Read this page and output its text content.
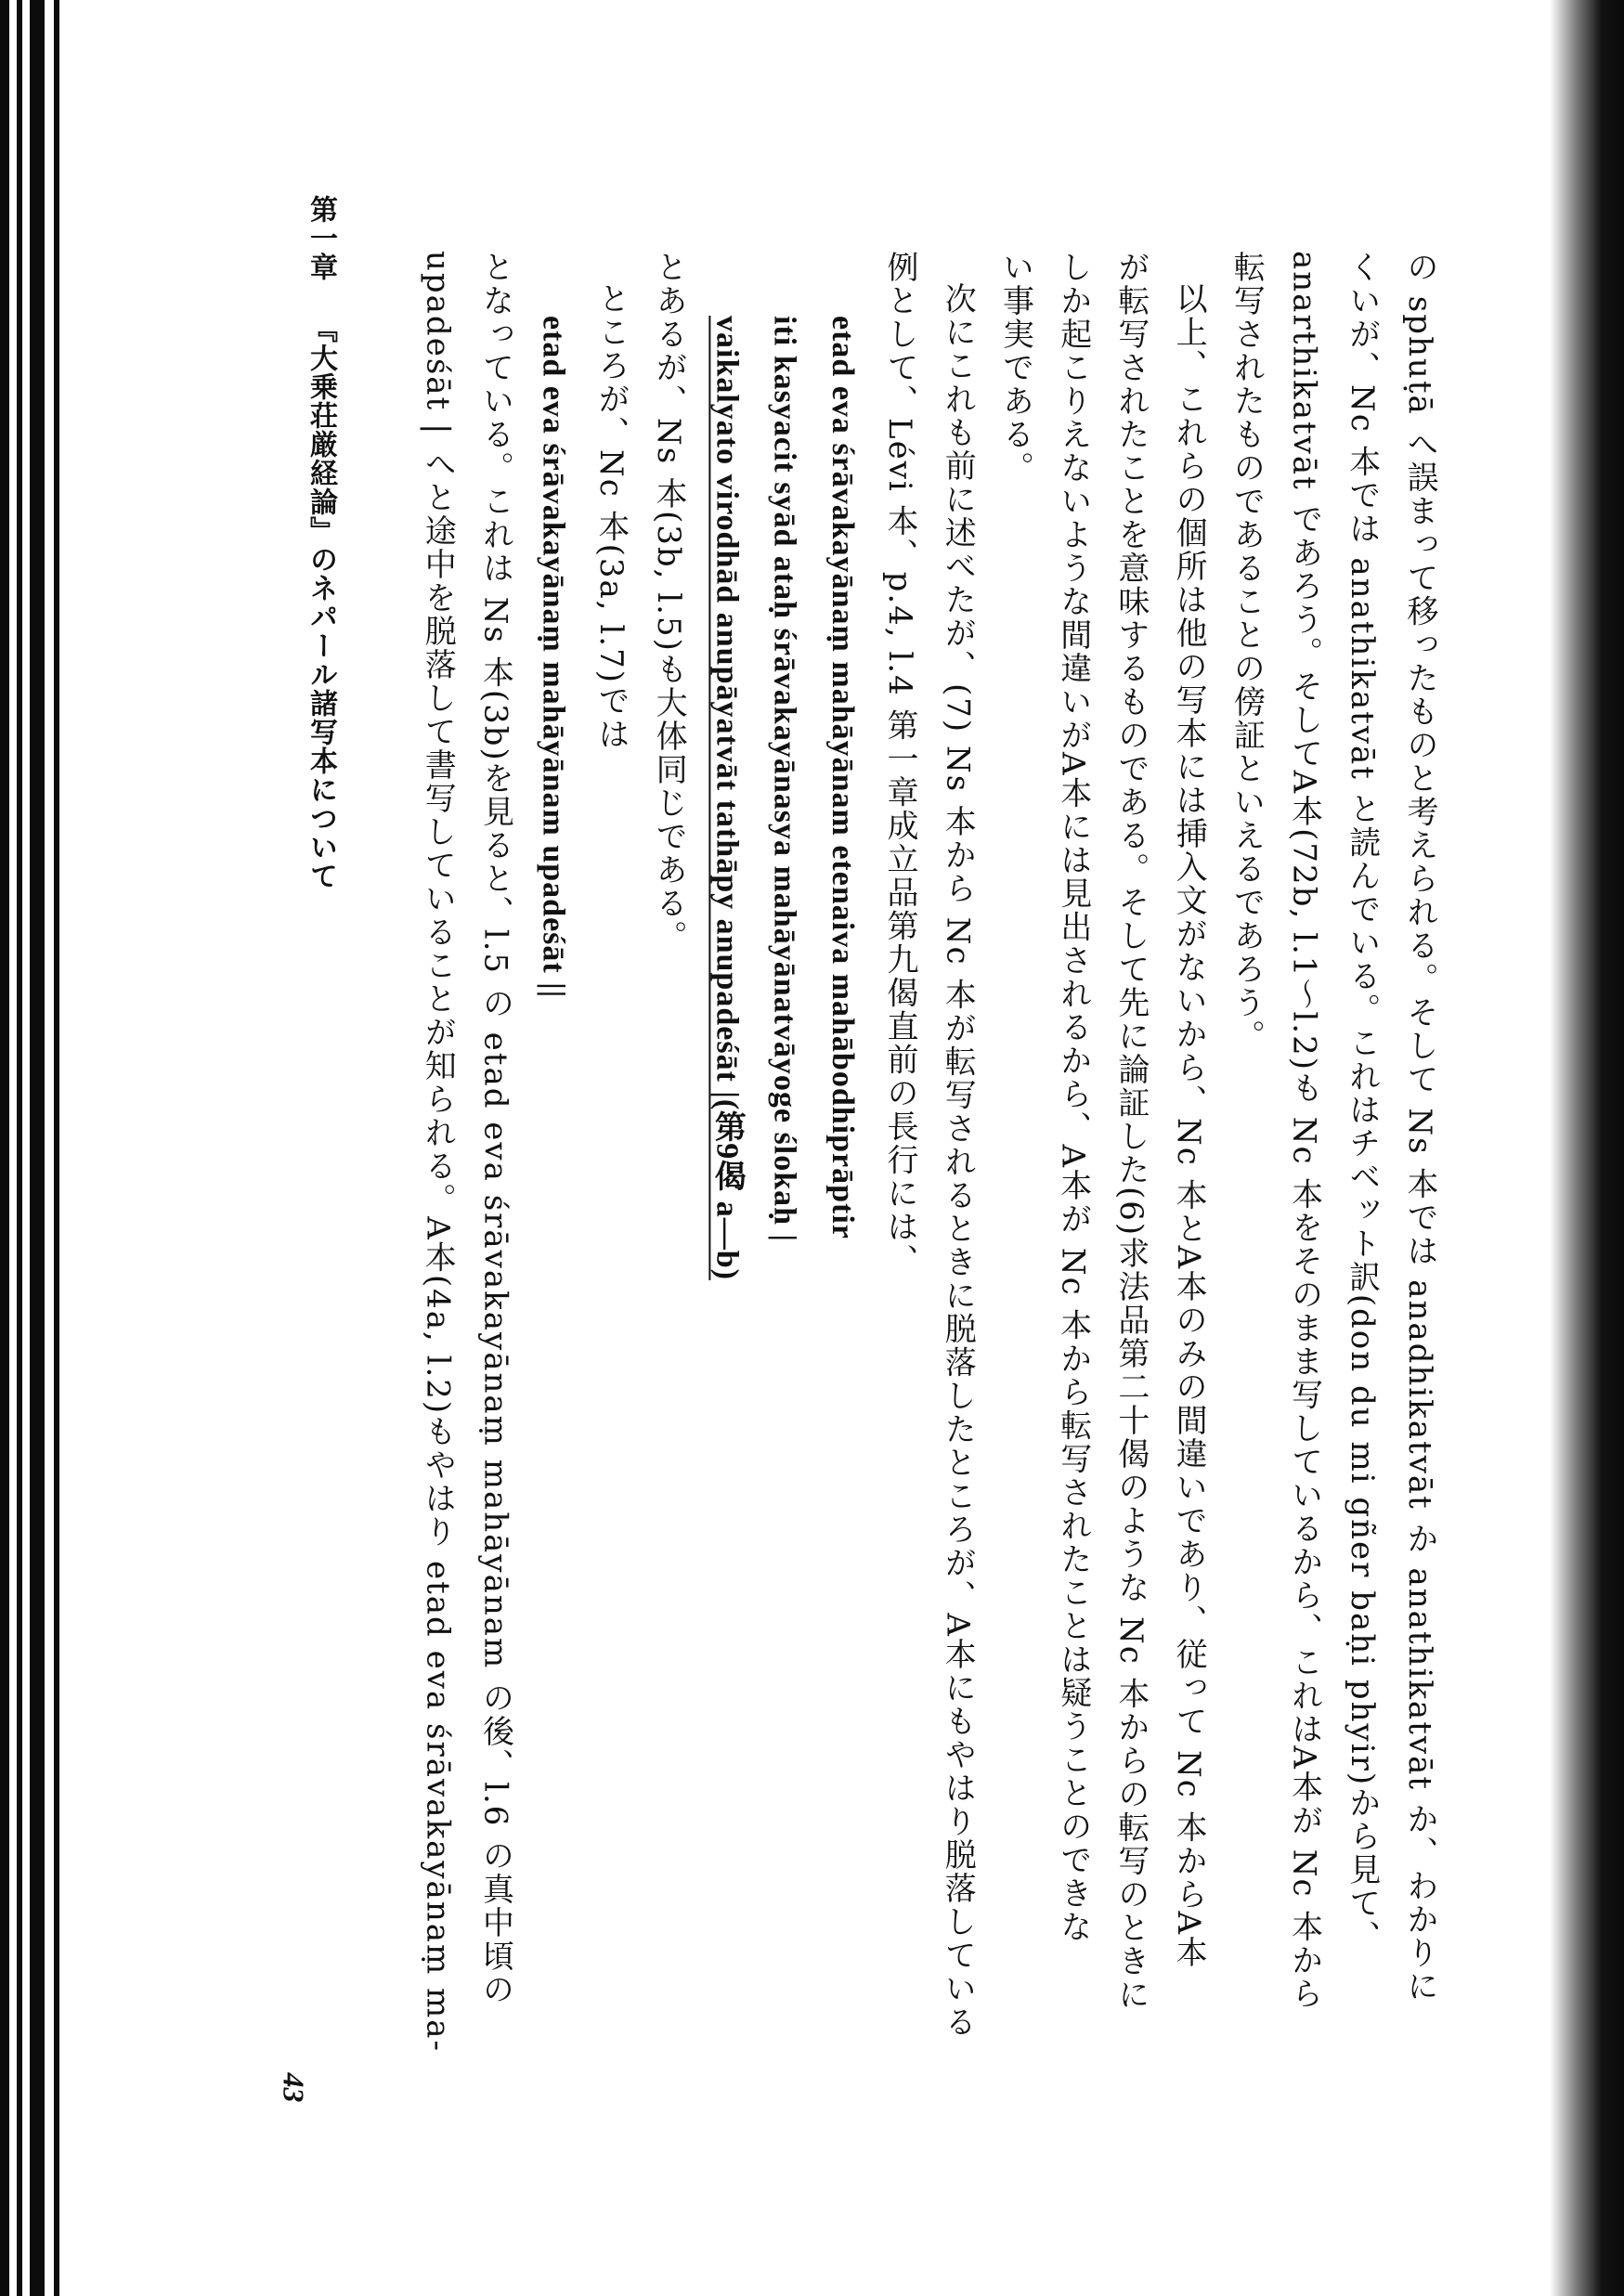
第一章 『大乗荘厳経論』のネパール諸写本について	の sphuṭā へ誤まって移ったものと考えられる。そして Ns 本では anadhikatvāt か anathikatvāt か、わかりに
くいが、Nc 本では anathikatvāt と読んでいる。これはチベット訳(don du mi gñer baḥi phyir)から見て、
anarthikatvāt であろう。そしてA本(72b, l.1〜l.2)も Nc 本をそのまま写しているから、これはA本が Nc 本から
転写されたものであることの傍証といえるであろう。
以上、これらの個所は他の写本には挿入文がないから、Nc 本とA本のみの間違いであり、従って Nc 本からA本
が転写されたことを意味するものである。そして先に論証した(6)求法品第二十偈のような Nc 本からの転写のときに
しか起こりえないような間違いがA本には見出されるから、A本が Nc 本から転写されたことは疑うことのできな
い事実である。
次にこれも前に述べたが、(7) Ns 本から Nc 本が転写されるときに脱落したところが、A本にもやはり脱落している
例として、Lévi 本、p.4, l.4 第一章成立品第九偈直前の長行には、
etad eva śrāvakayānaṃ mahāyānam etenaiva mahābodhiprāptir
iti kasyacit syād ataḥ śrāvakayānasya mahāyānatvāyoge ślokaḥ |
vaikalyato virodhād anupāyatvāt tathāpy anupadeśāt |(第9偈 a—b)
とあるが、Ns 本(3b, l.5)も大体同じである。
ところが、Nc 本(3a, l.7)では
etad eva śrāvakayānaṃ mahāyānam upadeśāt ||
となっている。これは Ns 本(3b)を見ると、l.5 の etad eva śrāvakayānaṃ mahāyānam の後、l.6 の真中頃の
upadeśāt | へと途中を脱落して書写していることが知られる。A本(4a, l.2)もやはり etad eva śrāvakayānaṃ ma-
43
